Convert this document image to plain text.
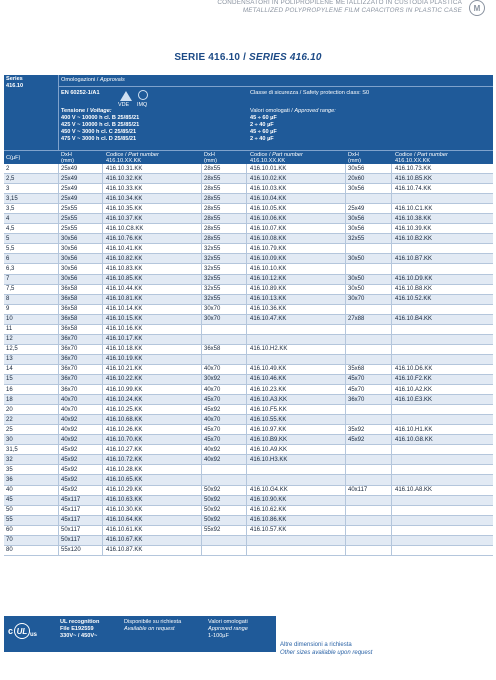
CONDENSATORI IN POLIPROPILENE METALLIZZATO IN CUSTODIA PLASTICA
METALLIZED POLYPROPYLENE FILM CAPACITORS IN PLASTIC CASE M
SERIE 416.10 / SERIES 416.10
Series
416.10
Omologazioni / Approvals
EN 60252-1/A1
VDE IMQ
Tensione / Voltage:
400 V ~ 10000 h cl. B 25/85/21
425 V ~ 10000 h cl. B 25/85/21
450 V ~ 3000 h cl. C 25/85/21
475 V ~ 3000 h cl. D 25/85/21
Classe di sicurezza / Safety protection class: S0
Valori omologati / Approved range:
45 ÷ 60 µF
2 ÷ 40 µF
45 ÷ 60 µF
2 ÷ 40 µF
C(µF)	DxH
(mm)
Codice / Part number
416.10.XX.KK
DxH
(mm)
Codice / Part number
416.10.XX.KK
DxH
(mm)
Codice / Part number
416.10.XX.KK
2	25x49	416.10.31.KK	28x55	416.10.01.KK	30x56	416.10.73.KK
2,5	25x49	416.10.32.KK	28x55	416.10.02.KK	20x60	416.10.B5.KK
3	25x49	416.10.33.KK	28x55	416.10.03.KK	30x56	416.10.74.KK
3,15	25x49	416.10.34.KK	28x55	416.10.04.KK
3,5	25x55	416.10.35.KK	28x55	416.10.05.KK	25x49	416.10.C1.KK
4	25x55	416.10.37.KK	28x55	416.10.06.KK	30x56	416.10.38.KK
4,5	25x55	416.10.C8.KK	28x55	416.10.07.KK	30x56	416.10.39.KK
5	30x56	416.10.76.KK	28x55	416.10.08.KK	32x55	416.10.B2.KK
5,5	30x56	416.10.41.KK	32x55	416.10.79.KK
6	30x56	416.10.82.KK	32x55	416.10.09.KK	30x50	416.10.B7.KK
6,3	30x56	416.10.83.KK	32x55	416.10.10.KK
7	30x56	416.10.85.KK	32x55	416.10.12.KK	30x50	416.10.D9.KK
7,5	36x58	416.10.44.KK	32x55	416.10.89.KK	30x50	416.10.B8.KK
8	36x58	416.10.81.KK	32x55	416.10.13.KK	30x70	416.10.52.KK
9	36x58	416.10.14.KK	30x70	416.10.36.KK
10	36x58	416.10.15.KK	30x70	416.10.47.KK	27x88	416.10.B4.KK
11	36x58	416.10.16.KK
12	36x70	416.10.17.KK
12,5	36x70	416.10.18.KK	36x58	416.10.H2.KK
13	36x70	416.10.19.KK
14	36x70	416.10.21.KK	40x70	416.10.49.KK	35x68	416.10.D6.KK
15	36x70	416.10.22.KK	30x92	416.10.46.KK	45x70	416.10.F2.KK
16	36x70	416.10.99.KK	40x70	416.10.23.KK	45x70	416.10.A2.KK
18	40x70	416.10.24.KK	45x70	416.10.A3.KK	36x70	416.10.E3.KK
20	40x70	416.10.25.KK	45x92	416.10.F5.KK
22	40x92	416.10.68.KK	40x70	416.10.55.KK
25	40x92	416.10.26.KK	45x70	416.10.97.KK	35x92	416.10.H1.KK
30	40x92	416.10.70.KK	45x70	416.10.B9.KK	45x92	416.10.G8.KK
31,5	45x92	416.10.27.KK	40x92	416.10.A9.KK
32	45x92	416.10.72.KK	40x92	416.10.H3.KK
35	45x92	416.10.28.KK
36	45x92	416.10.65.KK
40	45x92	416.10.29.KK	50x92	416.10.G4.KK	40x117	416.10.A8.KK
45	45x117	416.10.63.KK	50x92	416.10.90.KK
50	45x117	416.10.30.KK	50x92	416.10.62.KK
55	45x117	416.10.64.KK	50x92	416.10.86.KK
60	50x117	416.10.61.KK	55x92	416.10.57.KK
70	50x117	416.10.67.KK
80	55x120	416.10.87.KK
c UL us
UL recognition
File E192559
330V~ / 450V~
Disponibile su richiesta
Available on request
Valori omologati
Approved range
1-100µF
Altre dimensioni a richiesta
Other sizes available upon request
